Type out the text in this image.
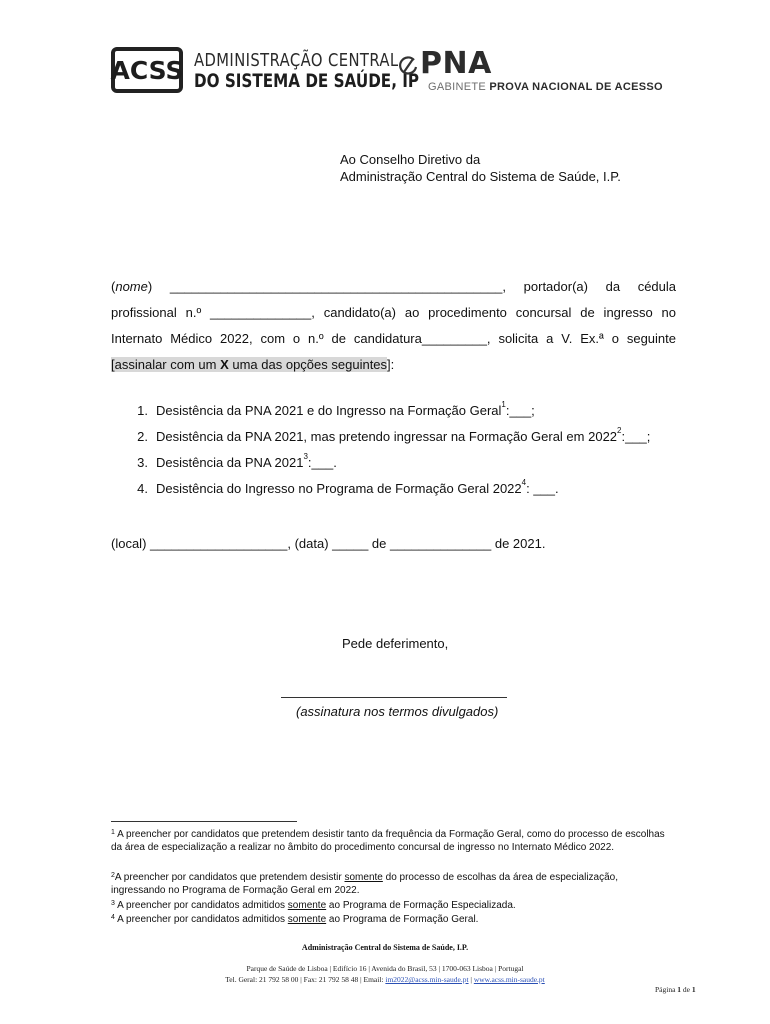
ACSS ADMINISTRAÇÃO CENTRAL
DO SISTEMA DE SAÚDE, IP PNA
GABINETE PROVA NACIONAL DE ACESSO
Ao Conselho Diretivo da
Administração Central do Sistema de Saúde, I.P.
(nome) ______________________________________________, portador(a) da cédula profissional n.º ______________, candidato(a) ao procedimento concursal de ingresso no Internato Médico 2022, com o n.º de candidatura_________, solicita a V. Ex.ª o seguinte [assinalar com um X uma das opções seguintes]:
1. Desistência da PNA 2021 e do Ingresso na Formação Geral$^1$:___;
2. Desistência da PNA 2021, mas pretendo ingressar na Formação Geral em 2022$^2$:___;
3. Desistência da PNA 2021$^3$:___.
4. Desistência do Ingresso no Programa de Formação Geral 2022$^4$: ___.
(local) ___________________, (data) _____ de ______________ de 2021.
Pede deferimento,
(assinatura nos termos divulgados)
$^1$ A preencher por candidatos que pretendem desistir tanto da frequência da Formação Geral, como do processo de escolhas da área de especialização a realizar no âmbito do procedimento concursal de ingresso no Internato Médico 2022.
$^2$A preencher por candidatos que pretendem desistir somente do processo de escolhas da área de especialização, ingressando no Programa de Formação Geral em 2022.
$^3$ A preencher por candidatos admitidos somente ao Programa de Formação Especializada.
$^4$ A preencher por candidatos admitidos somente ao Programa de Formação Geral.
Administração Central do Sistema de Saúde, I.P.
Parque de Saúde de Lisboa | Edifício 16 | Avenida do Brasil, 53 | 1700-063 Lisboa | Portugal
Tel. Geral: 21 792 58 00 | Fax: 21 792 58 48 | Email: im2022@acss.min-saude.pt | www.acss.min-saude.pt
Página 1 de 1
